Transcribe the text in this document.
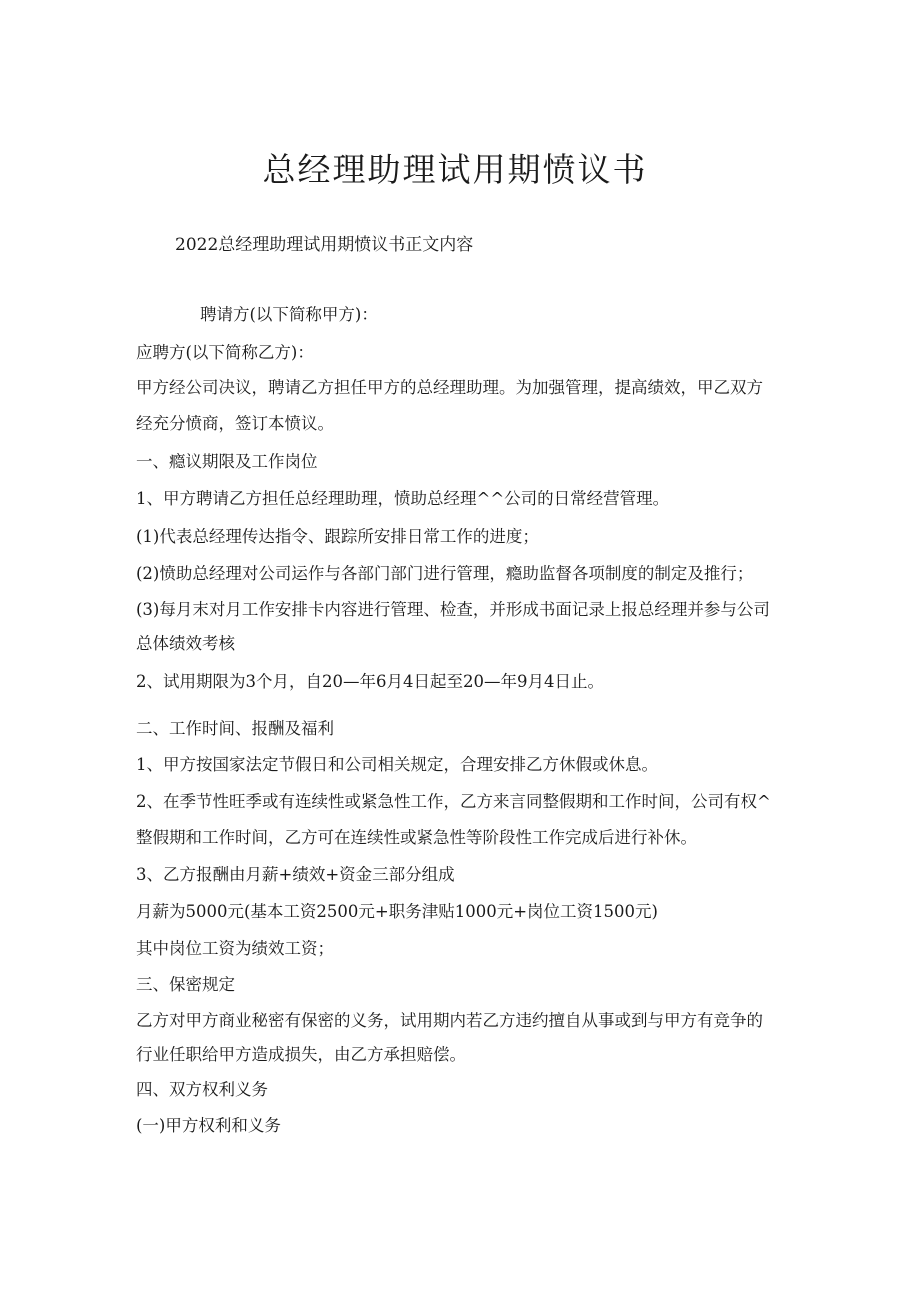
总经理助理试用期愤议书
2022总经理助理试用期愤议书正文内容
聘请方(以下简称甲方)：
应聘方(以下简称乙方)：
甲方经公司决议，聘请乙方担任甲方的总经理助理。为加强管理，提高绩效，甲乙双方
经充分愤商，签订本愤议。
一、瘾议期限及工作岗位
1、甲方聘请乙方担任总经理助理，愤助总经理^^公司的日常经营管理。
(1)代表总经理传达指令、跟踪所安排日常工作的进度；
(2)愤助总经理对公司运作与各部门部门进行管理，瘾助监督各项制度的制定及推行；
(3)每月末对月工作安排卡内容进行管理、检查，并形成书面记录上报总经理并参与公司
总体绩效考核
2、试用期限为3个月，自20—年6月4日起至20—年9月4日止。
二、工作时间、报酬及福利
1、甲方按国家法定节假日和公司相关规定，合理安排乙方休假或休息。
2、在季节性旺季或有连续性或紧急性工作，乙方来言同整假期和工作时间，公司有权^
整假期和工作时间，乙方可在连续性或紧急性等阶段性工作完成后进行补休。
3、乙方报酬由月薪+绩效+资金三部分组成
月薪为5000元(基本工资2500元+职务津贴1000元+岗位工资1500元)
其中岗位工资为绩效工资；
三、保密规定
乙方对甲方商业秘密有保密的义务，试用期内若乙方违约擅自从事或到与甲方有竞争的
行业任职给甲方造成损失，由乙方承担赔偿。
四、双方权利义务
(一)甲方权利和义务
